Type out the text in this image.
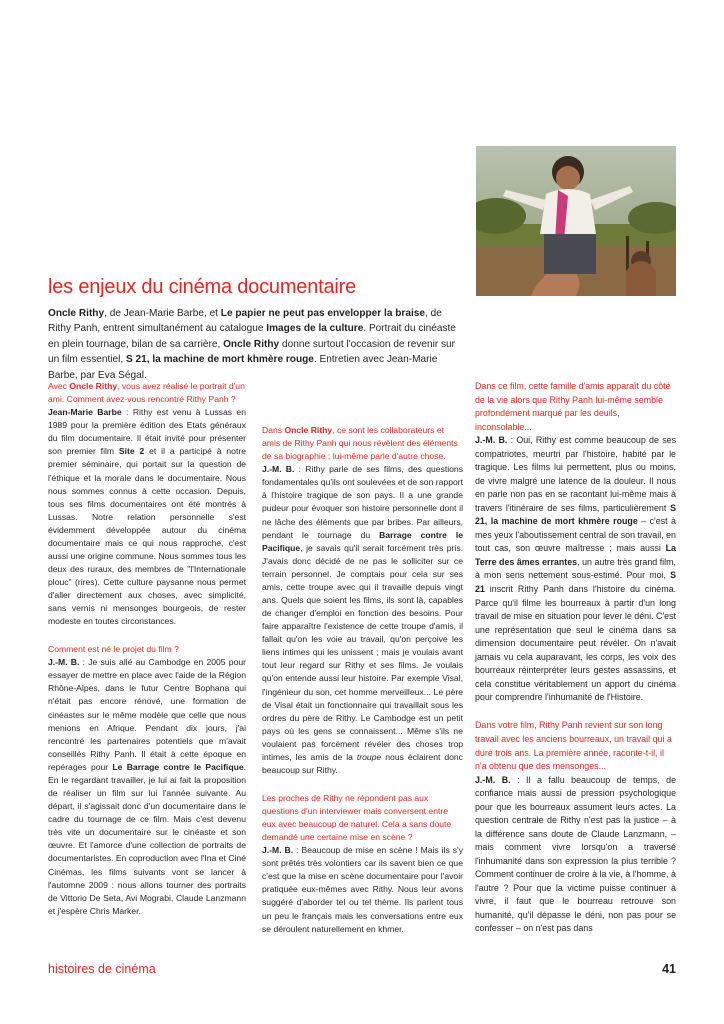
les enjeux du cinéma documentaire
Oncle Rithy, de Jean-Marie Barbe, et Le papier ne peut pas envelopper la braise, de Rithy Panh, entrent simultanément au catalogue Images de la culture. Portrait du cinéaste en plein tournage, bilan de sa carrière, Oncle Rithy donne surtout l'occasion de revenir sur un film essentiel, S 21, la machine de mort khmère rouge. Entretien avec Jean-Marie Barbe, par Eva Ségal.

Avec Oncle Rithy, vous avez réalisé le portrait d'un ami. Comment avez-vous rencontré Rithy Panh ?

Jean-Marie Barbe : Rithy est venu à Lussas en 1989 pour la première édition des Etats généraux du film documentaire. Il était invité pour présenter son premier film Site 2 et il a participé à notre premier séminaire, qui portait sur la question de l'éthique et la morale dans le documentaire. Nous nous sommes connus à cette occasion. Depuis, tous ses films documentaires ont été montrés à Lussas. Notre relation personnelle s'est évidemment développée autour du cinéma documentaire mais ce qui nous rapproche, c'est aussi une origine commune. Nous sommes tous les deux des ruraux, des membres de "l'Internationale plouc" (rires). Cette culture paysanne nous permet d'aller directement aux choses, avec simplicité, sans vernis ni mensonges bourgeois, de rester modeste en toutes circonstances.

Comment est né le projet du film ?

J.-M. B. : Je suis allé au Cambodge en 2005 pour essayer de mettre en place avec l'aide de la Région Rhône-Alpes, dans le futur Centre Bophana qui n'était pas encore rénové, une formation de cinéastes sur le même modèle que celle que nous menions en Afrique. Pendant dix jours, j'ai rencontré les partenaires potentiels que m'avait conseillés Rithy Panh. Il était à cette époque en repérages pour Le Barrage contre le Pacifique. En le regardant travailler, je lui ai fait la proposition de réaliser un film sur lui l'année suivante. Au départ, il s'agissait donc d'un documentaire dans le cadre du tournage de ce film. Mais c'est devenu très vite un documentaire sur le cinéaste et son œuvre. Et l'amorce d'une collection de portraits de documentaristes. En coproduction avec l'Ina et Ciné Cinémas, les films suivants vont se lancer à l'automne 2009 : nous allons tourner des portraits de Vittorio De Seta, Avi Mograbi, Claude Lanzmann et j'espère Chris Marker.

Dans Oncle Rithy, ce sont les collaborateurs et amis de Rithy Panh qui nous révèlent des éléments de sa biographie ; lui-même parle d'autre chose.

J.-M. B. : Rithy parle de ses films, des questions fondamentales qu'ils ont soulevées et de son rapport à l'histoire tragique de son pays. Il a une grande pudeur pour évoquer son histoire personnelle dont il ne lâche des éléments que par bribes. Par ailleurs, pendant le tournage du Barrage contre le Pacifique, je savais qu'il serait forcément très pris. J'avais donc décidé de ne pas le solliciter sur ce terrain personnel. Je comptais pour cela sur ses amis, cette troupe avec qui il travaille depuis vingt ans. Quels que soient les films, ils sont là, capables de changer d'emploi en fonction des besoins. Pour faire apparaître l'existence de cette troupe d'amis, il fallait qu'on les voie au travail, qu'on perçoive les liens intimes qui les unissent ; mais je voulais avant tout leur regard sur Rithy et ses films. Je voulais qu'on entende aussi leur histoire. Par exemple Visal, l'ingénieur du son, cet homme merveilleux... Le père de Visal était un fonctionnaire qui travaillait sous les ordres du père de Rithy. Le Cambodge est un petit pays où les gens se connaissent... Même s'ils ne voulaient pas forcément révéler des choses trop intimes, les amis de la troupe nous éclairent donc beaucoup sur Rithy.

Les proches de Rithy ne répondent pas aux questions d'un interviewer mais conversent entre eux avec beaucoup de naturel. Cela a sans doute demandé une certaine mise en scène ?

J.-M. B. : Beaucoup de mise en scène ! Mais ils s'y sont prêtés très volontiers car ils savent bien ce que c'est que la mise en scène documentaire pour l'avoir pratiquée eux-mêmes avec Rithy. Nous leur avons suggéré d'aborder tel ou tel thème. Ils parlent tous un peu le français mais les conversations entre eux se déroulent naturellement en khmer.

Dans ce film, cette famille d'amis apparaît du côté de la vie alors que Rithy Panh lui-même semble profondément marqué par les deuils, inconsolable...

J.-M. B. : Oui, Rithy est comme beaucoup de ses compatriotes, meurtri par l'histoire, habité par le tragique. Les films lui permettent, plus ou moins, de vivre malgré une latence de la douleur. Il nous en parle non pas en se racontant lui-même mais à travers l'itinéraire de ses films, particulièrement S 21, la machine de mort khmère rouge – c'est à mes yeux l'aboutissement central de son travail, en tout cas, son œuvre maîtresse ; mais aussi La Terre des âmes errantes, un autre très grand film, à mon sens nettement sous-estimé. Pour moi, S 21 inscrit Rithy Panh dans l'histoire du cinéma. Parce qu'il filme les bourreaux à partir d'un long travail de mise en situation pour lever le déni. C'est une représentation que seul le cinéma dans sa dimension documentaire peut révéler. On n'avait jamais vu cela auparavant, les corps, les voix des bourreaux réinterpréter leurs gestes assassins, et cela constitue véritablement un apport du cinéma pour comprendre l'inhumanité de l'Histoire.

Dans votre film, Rithy Panh revient sur son long travail avec les anciens bourreaux, un travail qui a duré trois ans. La première année, raconte-t-il, il n'a obtenu que des mensonges...

J.-M. B. : Il a fallu beaucoup de temps, de confiance mais aussi de pression psychologique pour que les bourreaux assument leurs actes. La question centrale de Rithy n'est pas la justice – à la différence sans doute de Claude Lanzmann, – mais comment vivre lorsqu'on a traversé l'inhumanité dans son expression la plus terrible ? Comment continuer de croire à la vie, à l'homme, à l'autre ? Pour que la victime puisse continuer à vivre, il faut que le bourreau retrouve son humanité, qu'il dépasse le déni, non pas pour se confesser – on n'est pas dans

histoires de cinéma	41
